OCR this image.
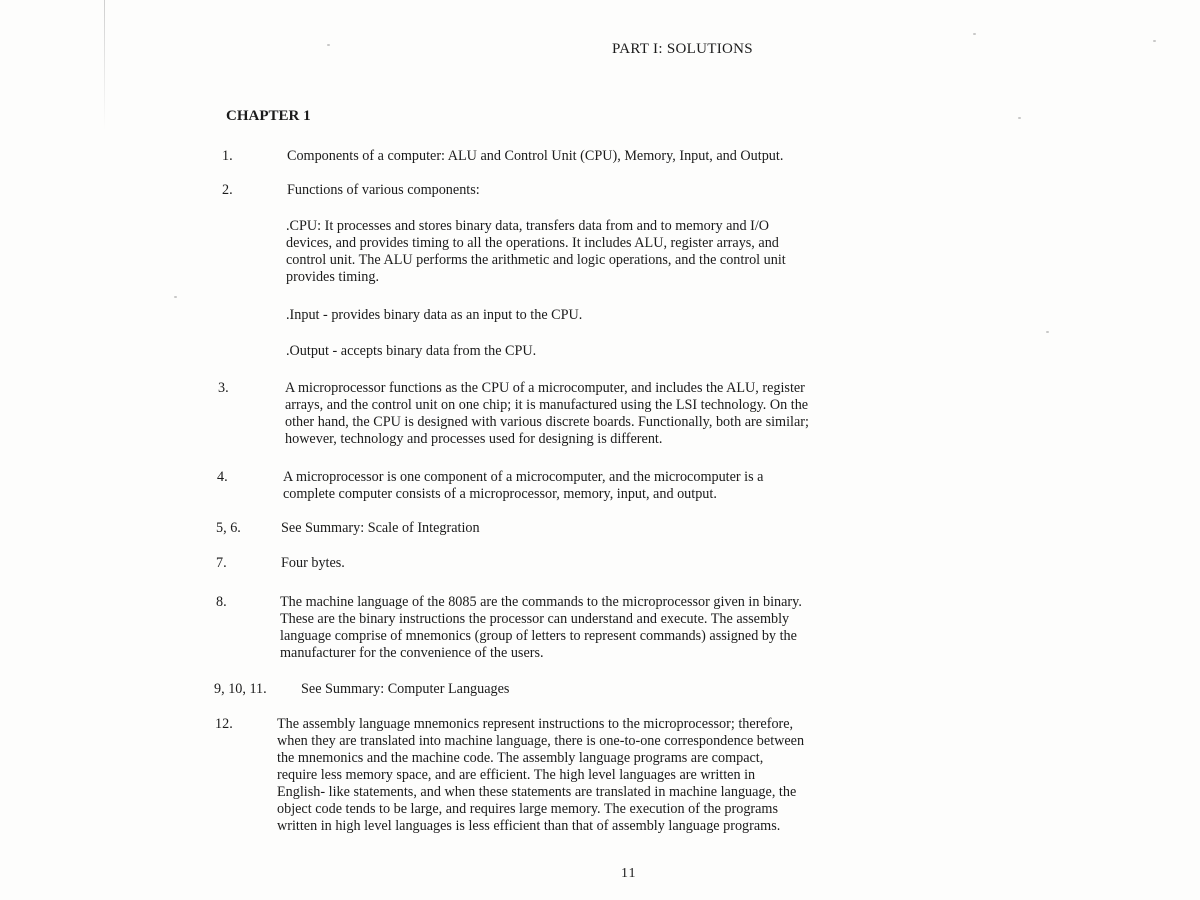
PART I: SOLUTIONS
CHAPTER 1
1.	Components of a computer: ALU and Control Unit (CPU), Memory, Input, and Output.
2.	Functions of various components:
.CPU: It processes and stores binary data, transfers data from and to memory and I/O
devices, and provides timing to all the operations. It includes ALU, register arrays, and
control unit. The ALU performs the arithmetic and logic operations, and the control unit
provides timing.
.Input - provides binary data as an input to the CPU.
.Output - accepts binary data from the CPU.
3.	A microprocessor functions as the CPU of a microcomputer, and includes the ALU, register
arrays, and the control unit on one chip; it is manufactured using the LSI technology. On the
other hand, the CPU is designed with various discrete boards. Functionally, both are similar;
however, technology and processes used for designing is different.
4.	A microprocessor is one component of a microcomputer, and the microcomputer is a
complete computer consists of a microprocessor, memory, input, and output.
5, 6.	See Summary: Scale of Integration
7.	Four bytes.
8.	The machine language of the 8085 are the commands to the microprocessor given in binary.
These are the binary instructions the processor can understand and execute. The assembly
language comprise of mnemonics (group of letters to represent commands) assigned by the
manufacturer for the convenience of the users.
9, 10, 11. See Summary: Computer Languages
12.	The assembly language mnemonics represent instructions to the microprocessor; therefore,
when they are translated into machine language, there is one-to-one correspondence between
the mnemonics and the machine code. The assembly language programs are compact,
require less memory space, and are efficient. The high level languages are written in
English- like statements, and when these statements are translated in machine language, the
object code tends to be large, and requires large memory. The execution of the programs
written in high level languages is less efficient than that of assembly language programs.
11
